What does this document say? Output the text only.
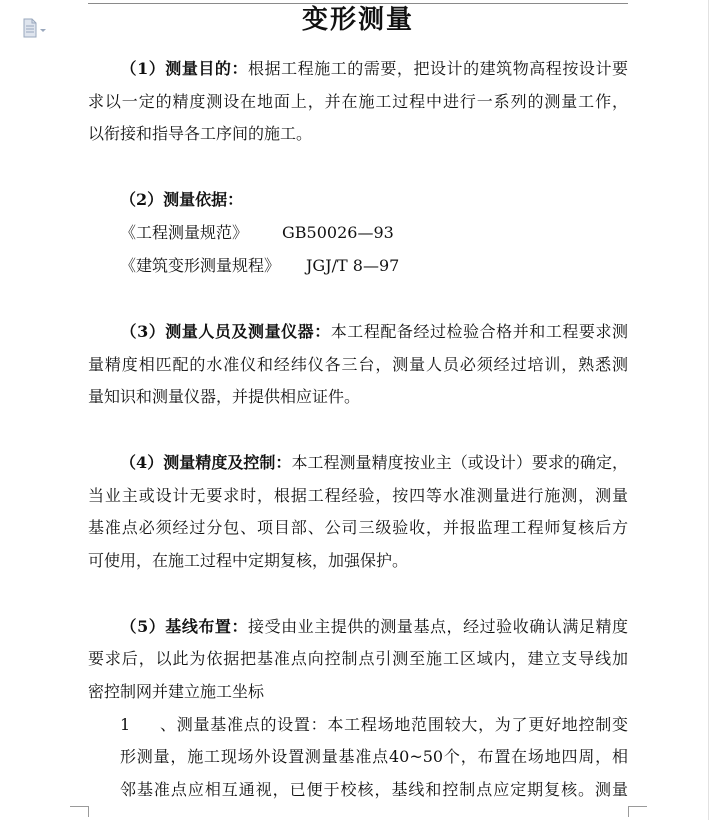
变形测量
（1）测量目的：根据工程施工的需要，把设计的建筑物高程按设计要
求以一定的精度测设在地面上，并在施工过程中进行一系列的测量工作，
以衔接和指导各工序间的施工。
（2）测量依据：
《工程测量规范》 GB50026—93
《建筑变形测量规程》 JGJ/T 8—97
（3）测量人员及测量仪器：本工程配备经过检验合格并和工程要求测
量精度相匹配的水准仪和经纬仪各三台，测量人员必须经过培训，熟悉测
量知识和测量仪器，并提供相应证件。
（4）测量精度及控制：本工程测量精度按业主（或设计）要求的确定，
当业主或设计无要求时，根据工程经验，按四等水准测量进行施测，测量
基准点必须经过分包、项目部、公司三级验收，并报监理工程师复核后方
可使用，在施工过程中定期复核，加强保护。
（5）基线布置：接受由业主提供的测量基点，经过验收确认满足精度
要求后，以此为依据把基准点向控制点引测至施工区域内，建立支导线加
密控制网并建立施工坐标
1、测量基准点的设置：本工程场地范围较大，为了更好地控制变
形测量，施工现场外设置测量基准点40~50个，布置在场地四周，相
邻基准点应相互通视，已便于校核，基线和控制点应定期复核。测量
